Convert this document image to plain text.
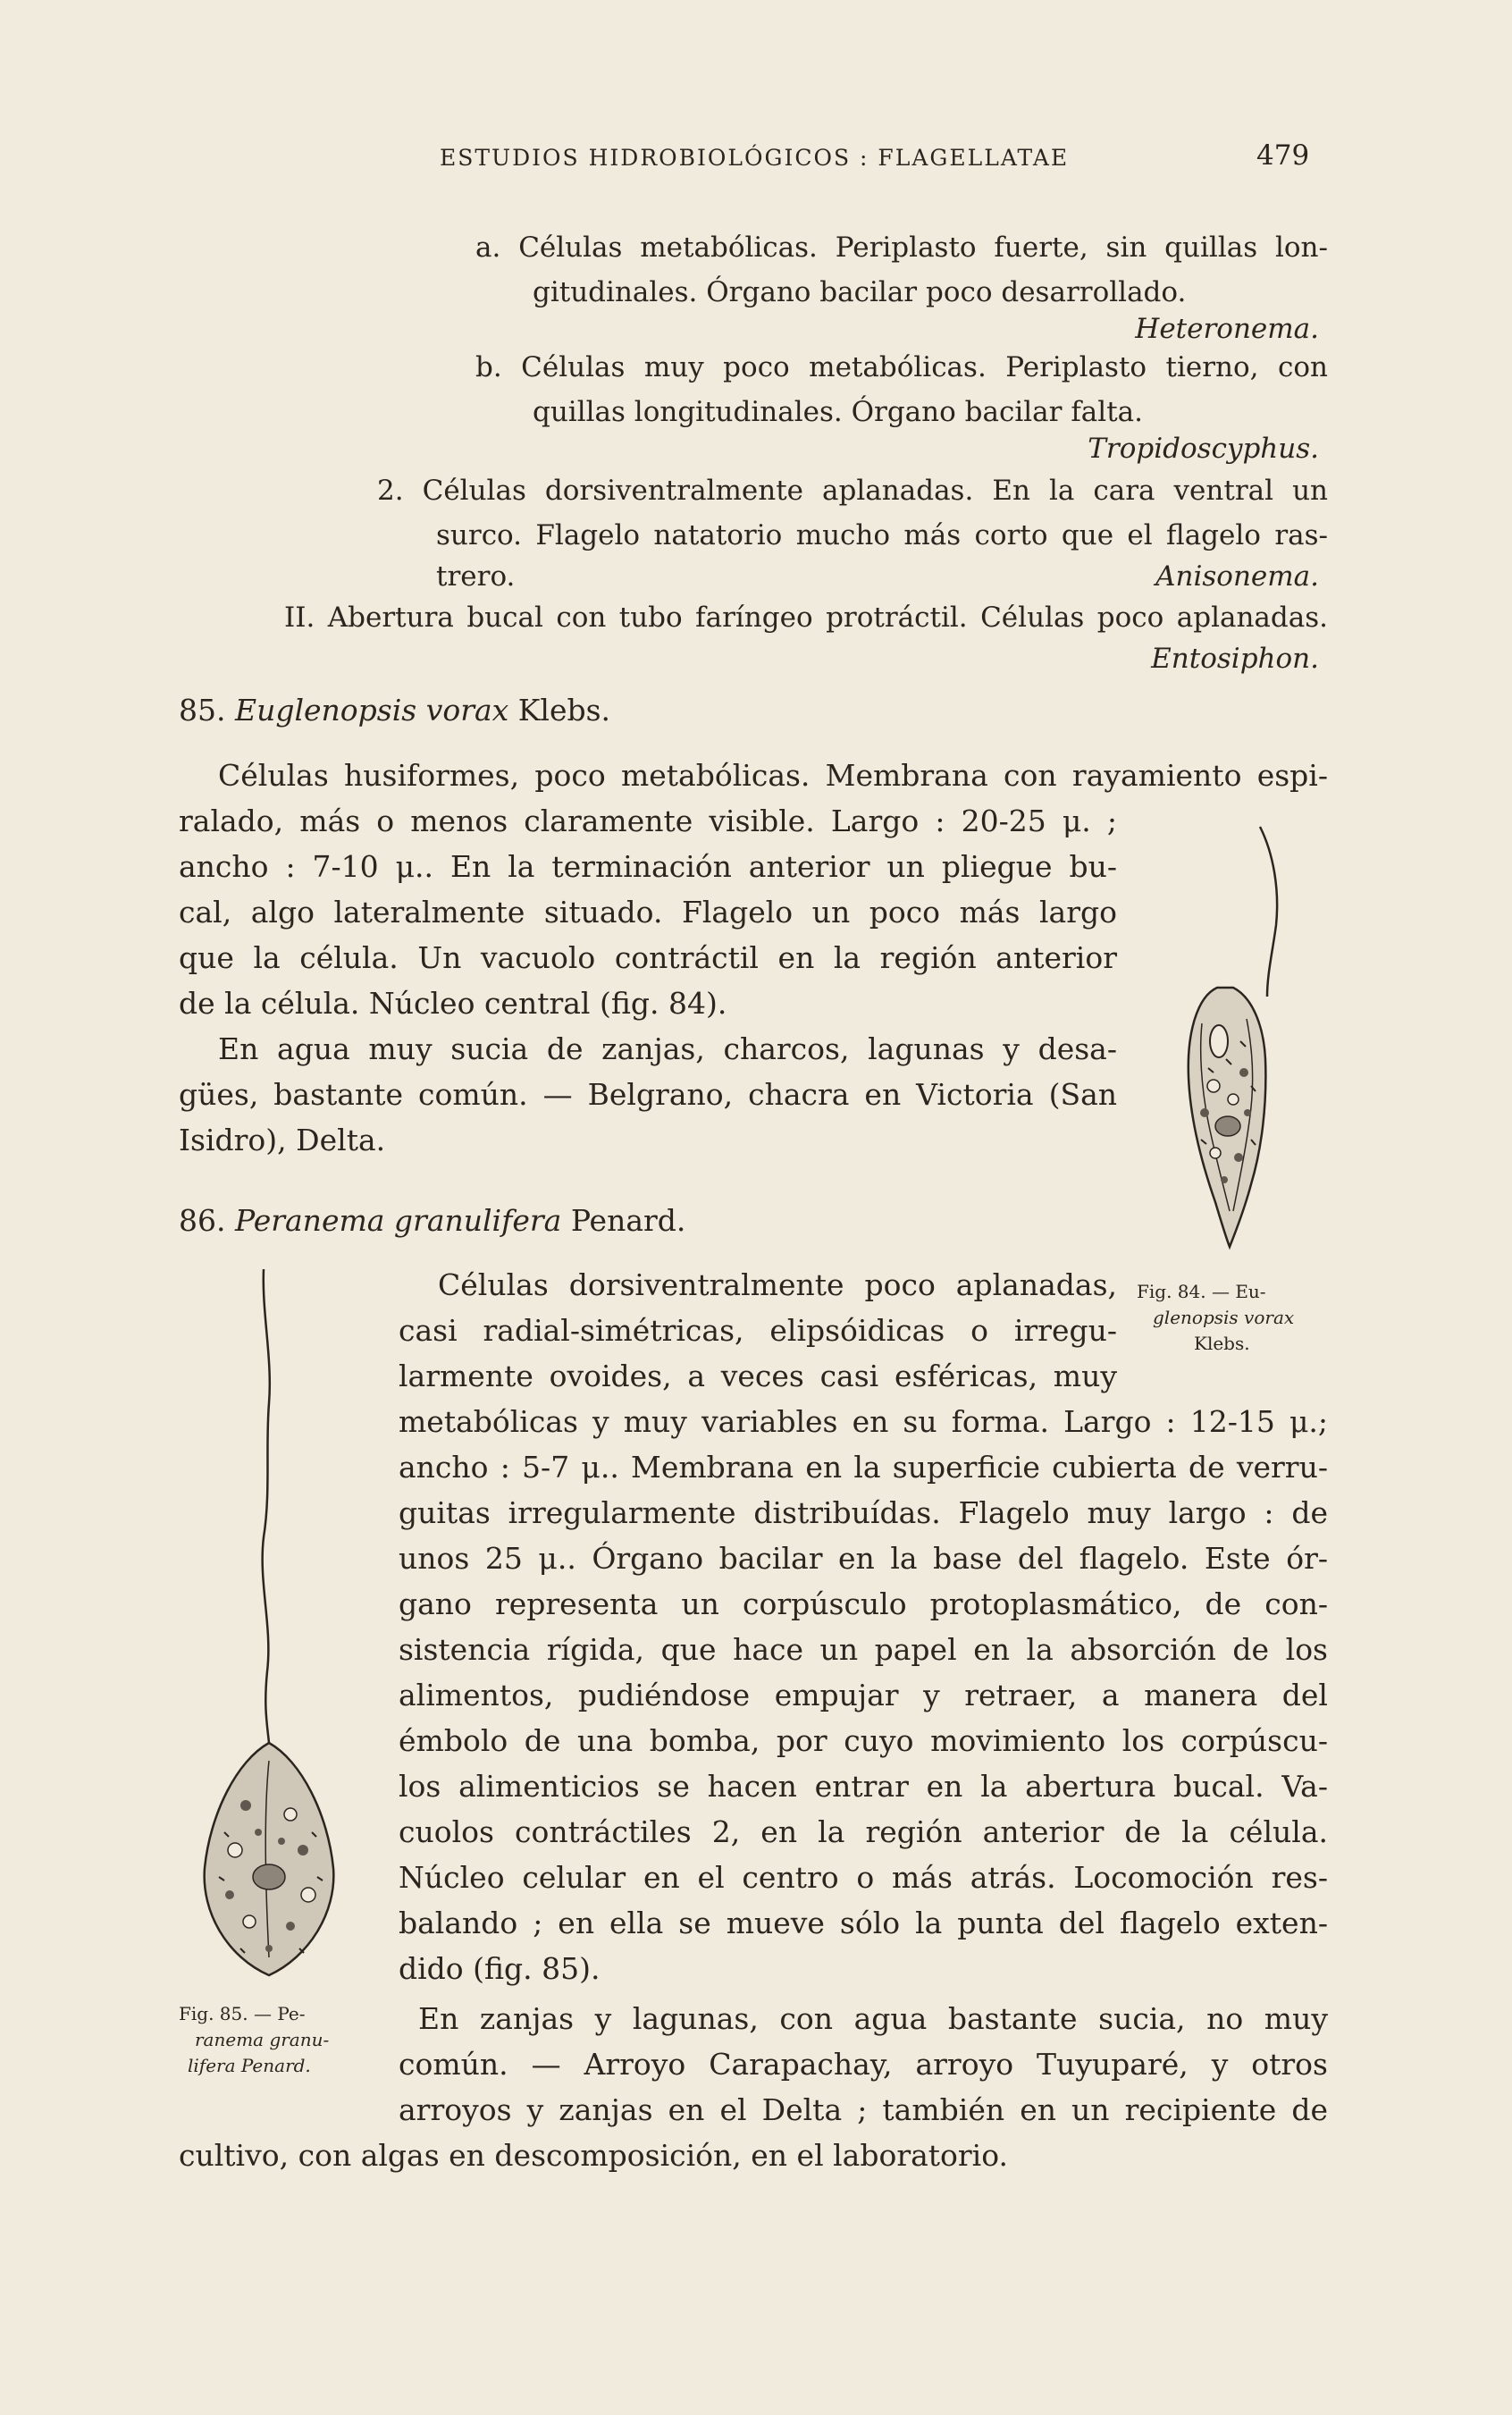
ESTUDIOS HIDROBIOLÓGICOS : FLAGELLATAE	479
a. Células metabólicas. Periplasto fuerte, sin quillas lon-
gitudinales. Órgano bacilar poco desarrollado.
Heteronema.
b. Células muy poco metabólicas. Periplasto tierno, con
quillas longitudinales. Órgano bacilar falta.
Tropidoscyphus.
2. Células dorsiventralmente aplanadas. En la cara ventral un
surco. Flagelo natatorio mucho más corto que el flagelo ras-
trero.	Anisonema.
II. Abertura bucal con tubo faríngeo protráctil. Células poco aplanadas.
Entosiphon.
85. Euglenopsis vorax Klebs.
Células husiformes, poco metabólicas. Membrana con rayamiento espi-
ralado, más o menos claramente visible. Largo : 20-25 μ. ;
ancho : 7-10 μ.. En la terminación anterior un pliegue bu-
cal, algo lateralmente situado. Flagelo un poco más largo
que la célula. Un vacuolo contráctil en la región anterior
de la célula. Núcleo central (fig. 84).
En agua muy sucia de zanjas, charcos, lagunas y desa-
gües, bastante común. — Belgrano, chacra en Victoria (San
Isidro), Delta.
Fig. 84. — Eu-
glenopsis vorax
Klebs.
86. Peranema granulifera Penard.
Células dorsiventralmente poco aplanadas,
casi radial-simétricas, elipsóidicas o irregu-
larmente ovoides, a veces casi esféricas, muy
metabólicas y muy variables en su forma. Largo : 12-15 μ.;
ancho : 5-7 μ.. Membrana en la superficie cubierta de verru-
guitas irregularmente distribuídas. Flagelo muy largo : de
unos 25 μ.. Órgano bacilar en la base del flagelo. Este ór-
gano representa un corpúsculo protoplasmático, de con-
sistencia rígida, que hace un papel en la absorción de los
alimentos, pudiéndose empujar y retraer, a manera del
émbolo de una bomba, por cuyo movimiento los corpúscu-
los alimenticios se hacen entrar en la abertura bucal. Va-
cuolos contráctiles 2, en la región anterior de la célula.
Núcleo celular en el centro o más atrás. Locomoción res-
balando ; en ella se mueve sólo la punta del flagelo exten-
dido (fig. 85).
En zanjas y lagunas, con agua bastante sucia, no muy
común. — Arroyo Carapachay, arroyo Tuyuparé, y otros
arroyos y zanjas en el Delta ; también en un recipiente de
cultivo, con algas en descomposición, en el laboratorio.
Fig. 85. — Pe-
ranema granu-
lifera Penard.
